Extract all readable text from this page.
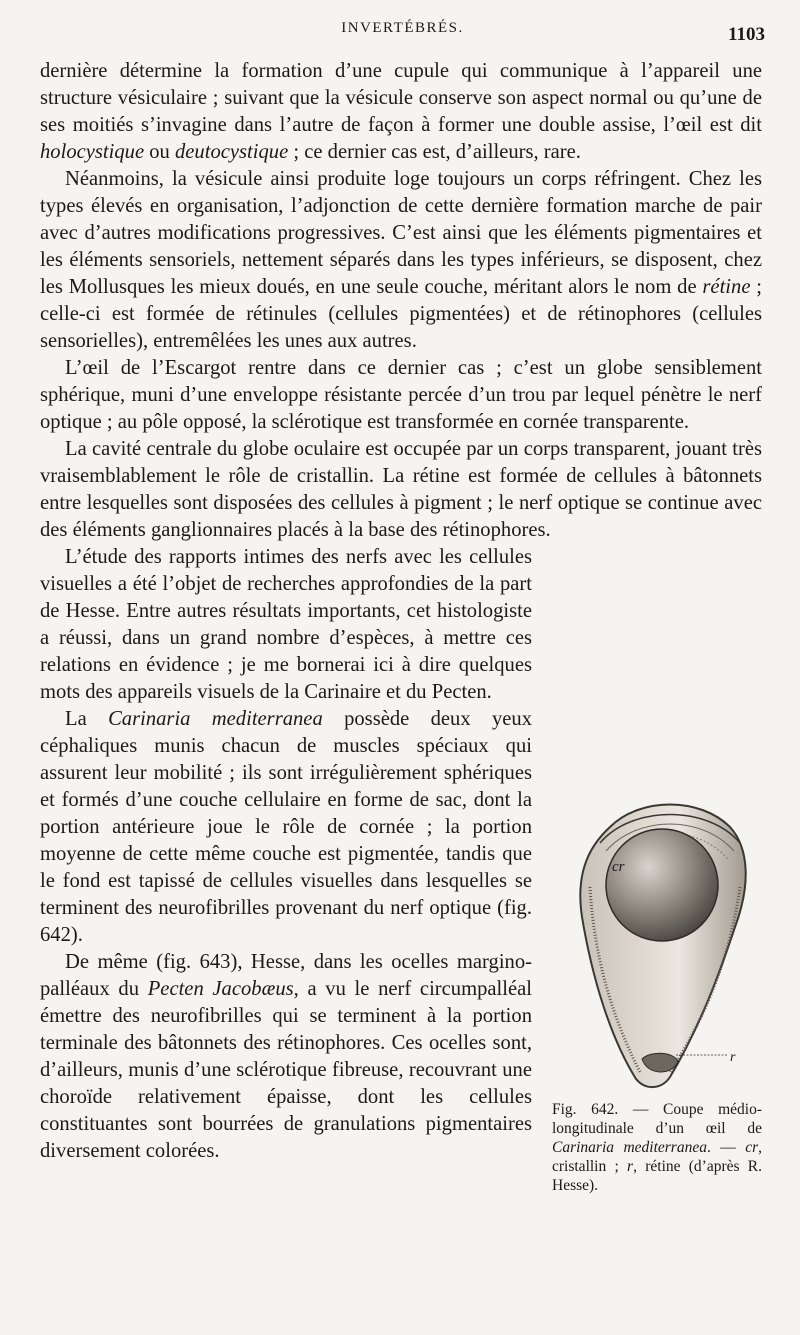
INVERTÉBRÉS.	1103

dernière détermine la formation d’une cupule qui communique à l’appareil une structure vésiculaire ; suivant que la vésicule conserve son aspect normal ou qu’une de ses moitiés s’invagine dans l’autre de façon à former une double assise, l’œil est dit holocystique ou deutocystique ; ce dernier cas est, d’ailleurs, rare.

Néanmoins, la vésicule ainsi produite loge toujours un corps réfringent. Chez les types élevés en organisation, l’adjonction de cette dernière formation marche de pair avec d’autres modifications progressives. C’est ainsi que les éléments pigmentaires et les éléments sensoriels, nettement séparés dans les types inférieurs, se disposent, chez les Mollusques les mieux doués, en une seule couche, méritant alors le nom de rétine ; celle-ci est formée de rétinules (cellules pigmentées) et de rétinophores (cellules sensorielles), entremêlées les unes aux autres.

L’œil de l’Escargot rentre dans ce dernier cas ; c’est un globe sensiblement sphérique, muni d’une enveloppe résistante percée d’un trou par lequel pénètre le nerf optique ; au pôle opposé, la sclérotique est transformée en cornée transparente.

La cavité centrale du globe oculaire est occupée par un corps transparent, jouant très vraisemblablement le rôle de cristallin. La rétine est formée de cellules à bâtonnets entre lesquelles sont disposées des cellules à pigment ; le nerf optique se continue avec des éléments ganglionnaires placés à la base des rétinophores.

cr
r
Fig. 642. — Coupe médio-longitudinale d’un œil de Carinaria mediterranea. — cr, cristallin ; r, rétine (d’après R. Hesse).

L’étude des rapports intimes des nerfs avec les cellules visuelles a été l’objet de recherches approfondies de la part de Hesse. Entre autres résultats importants, cet histologiste a réussi, dans un grand nombre d’espèces, à mettre ces relations en évidence ; je me bornerai ici à dire quelques mots des appareils visuels de la Carinaire et du Pecten.

La Carinaria mediterranea possède deux yeux céphaliques munis chacun de muscles spéciaux qui assurent leur mobilité ; ils sont irrégulièrement sphériques et formés d’une couche cellulaire en forme de sac, dont la portion antérieure joue le rôle de cornée ; la portion moyenne de cette même couche est pigmentée, tandis que le fond est tapissé de cellules visuelles dans lesquelles se terminent des neurofibrilles provenant du nerf optique (fig. 642).

De même (fig. 643), Hesse, dans les ocelles margino-palléaux du Pecten Jacobæus, a vu le nerf circumpalléal émettre des neurofibrilles qui se terminent à la portion terminale des bâtonnets des rétinophores. Ces ocelles sont, d’ailleurs, munis d’une sclérotique fibreuse, recouvrant une choroïde relativement épaisse, dont les cellules constituantes sont bourrées de granulations pigmentaires diversement colorées.
